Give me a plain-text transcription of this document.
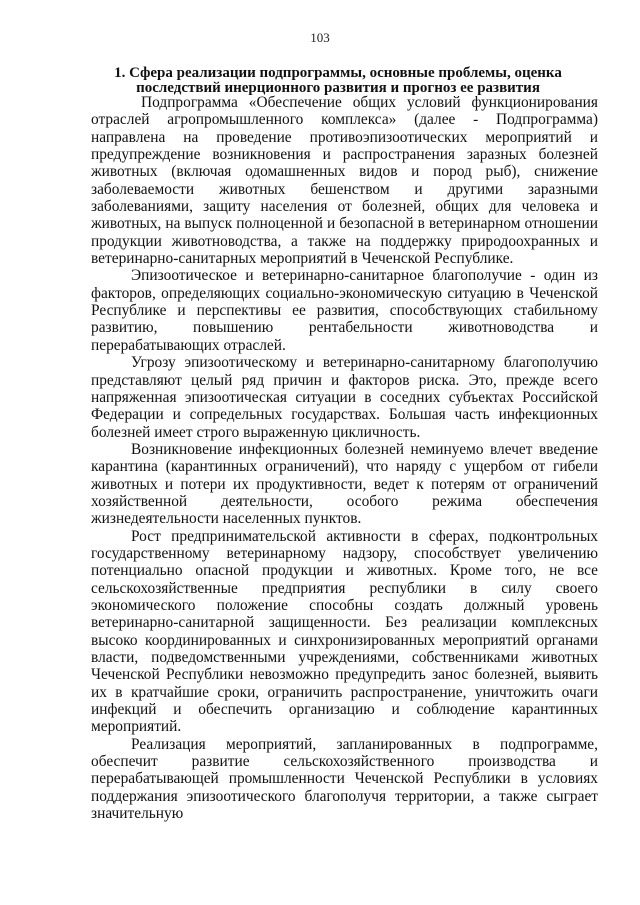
103
1. Сфера реализации подпрограммы, основные проблемы, оценка последствий инерционного развития и прогноз ее развития

Подпрограмма «Обеспечение общих условий функционирования отраслей агропромышленного комплекса» (далее - Подпрограмма) направлена на проведение противоэпизоотических мероприятий и предупреждение возникновения и распространения заразных болезней животных (включая одомашненных видов и пород рыб), снижение заболеваемости животных бешенством и другими заразными заболеваниями, защиту населения от болезней, общих для человека и животных, на выпуск полноценной и безопасной в ветеринарном отношении продукции животноводства, а также на поддержку природоохранных и ветеринарно-санитарных мероприятий в Чеченской Республике.

Эпизоотическое и ветеринарно-санитарное благополучие - один из факторов, определяющих социально-экономическую ситуацию в Чеченской Республике и перспективы ее развития, способствующих стабильному развитию, повышению рентабельности животноводства и перерабатывающих отраслей.

Угрозу эпизоотическому и ветеринарно-санитарному благополучию представляют целый ряд причин и факторов риска. Это, прежде всего напряженная эпизоотическая ситуации в соседних субъектах Российской Федерации и сопредельных государствах. Большая часть инфекционных болезней имеет строго выраженную цикличность.

Возникновение инфекционных болезней неминуемо влечет введение карантина (карантинных ограничений), что наряду с ущербом от гибели животных и потери их продуктивности, ведет к потерям от ограничений хозяйственной деятельности, особого режима обеспечения жизнедеятельности населенных пунктов.

Рост предпринимательской активности в сферах, подконтрольных государственному ветеринарному надзору, способствует увеличению потенциально опасной продукции и животных. Кроме того, не все сельскохозяйственные предприятия республики в силу своего экономического положение способны создать должный уровень ветеринарно-санитарной защищенности. Без реализации комплексных высоко координированных и синхронизированных мероприятий органами власти, подведомственными учреждениями, собственниками животных Чеченской Республики невозможно предупредить занос болезней, выявить их в кратчайшие сроки, ограничить распространение, уничтожить очаги инфекций и обеспечить организацию и соблюдение карантинных мероприятий.

Реализация мероприятий, запланированных в подпрограмме, обеспечит развитие сельскохозяйственного производства и перерабатывающей промышленности Чеченской Республики в условиях поддержания эпизоотического благополучя территории, а также сыграет значительную
